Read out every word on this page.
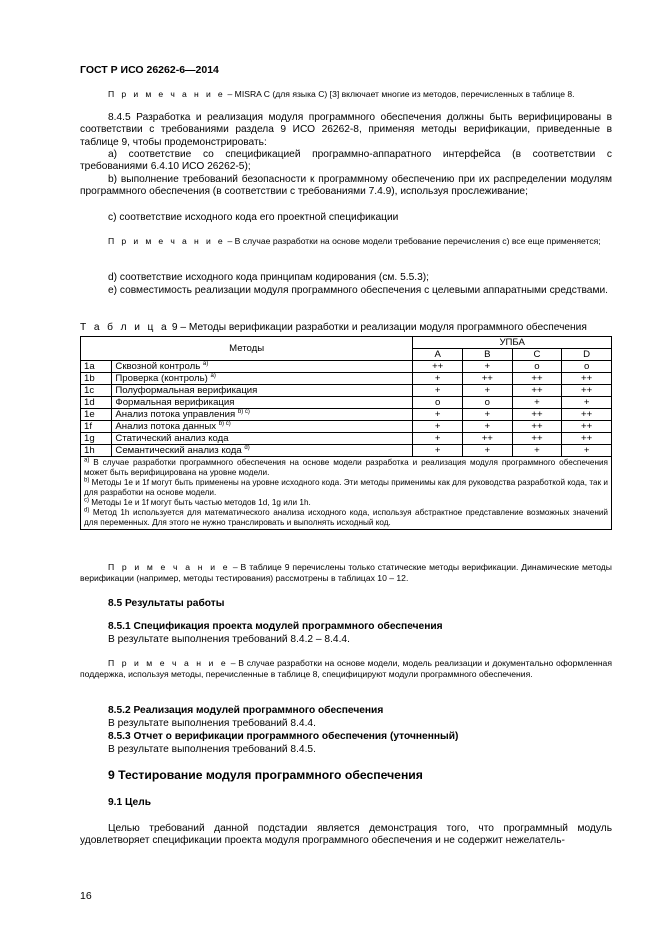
ГОСТ Р ИСО 26262-6—2014
П р и м е ч а н и е – MISRA C (для языка C) [3] включает многие из методов, перечисленных в таблице 8.
8.4.5 Разработка и реализация модуля программного обеспечения должны быть верифицированы в соответствии с требованиями раздела 9 ИСО 26262-8, применяя методы верификации, приведенные в таблице 9, чтобы продемонстрировать:
a) соответствие со спецификацией программно-аппаратного интерфейса (в соответствии с требованиями 6.4.10 ИСО 26262-5);
b) выполнение требований безопасности к программному обеспечению при их распределении модулям программного обеспечения (в соответствии с требованиями 7.4.9), используя прослеживание;
c) соответствие исходного кода его проектной спецификации
П р и м е ч а н и е – В случае разработки на основе модели требование перечисления c) все еще применяется;
d) соответствие исходного кода принципам кодирования (см. 5.5.3);
e) совместимость реализации модуля программного обеспечения с целевыми аппаратными средствами.
Т а б л и ц а 9 – Методы верификации разработки и реализации модуля программного обеспечения
Методы		УПБА			
		A	B	C	D
1a	Сквозной контроль $^{a)}$	++	+	o	o
1b	Проверка (контроль) $^{a)}$	+	++	++	++
1c	Полуформальная верификация	+	+	++	++
1d	Формальная верификация	o	o	+	+
1e	Анализ потока управления $^{b) c)}$	+	+	++	++
1f	Анализ потока данных $^{b) c)}$	+	+	++	++
1g	Статический анализ кода	+	++	++	++
1h	Семантический анализ кода $^{d)}$	+	+	+	+

$^{a)}$ В случае разработки программного обеспечения на основе модели разработка и реализация модуля программного обеспечения может быть верифицирована на уровне модели.

$^{b)}$ Методы 1e и 1f могут быть применены на уровне исходного кода. Эти методы применимы как для руководства разработкой кода, так и для разработки на основе модели.

$^{c)}$ Методы 1e и 1f могут быть частью методов 1d, 1g или 1h.

$^{d)}$ Метод 1h используется для математического анализа исходного кода, используя абстрактное представление возможных значений для переменных. Для этого не нужно транслировать и выполнять исходный код.					

П р и м е ч а н и е – В таблице 9 перечислены только статические методы верификации. Динамические методы верификации (например, методы тестирования) рассмотрены в таблицах 10 – 12.
8.5 Результаты работы
8.5.1 Спецификация проекта модулей программного обеспечения
В результате выполнения требований 8.4.2 – 8.4.4.
П р и м е ч а н и е – В случае разработки на основе модели, модель реализации и документально оформленная поддержка, используя методы, перечисленные в таблице 8, специфицируют модули программного обеспечения.
8.5.2 Реализация модулей программного обеспечения
В результате выполнения требований 8.4.4.
8.5.3 Отчет о верификации программного обеспечения (уточненный)
В результате выполнения требований 8.4.5.
9 Тестирование модуля программного обеспечения
9.1 Цель
Целью требований данной подстадии является демонстрация того, что программный модуль удовлетворяет спецификации проекта модуля программного обеспечения и не содержит нежелатель-
16
